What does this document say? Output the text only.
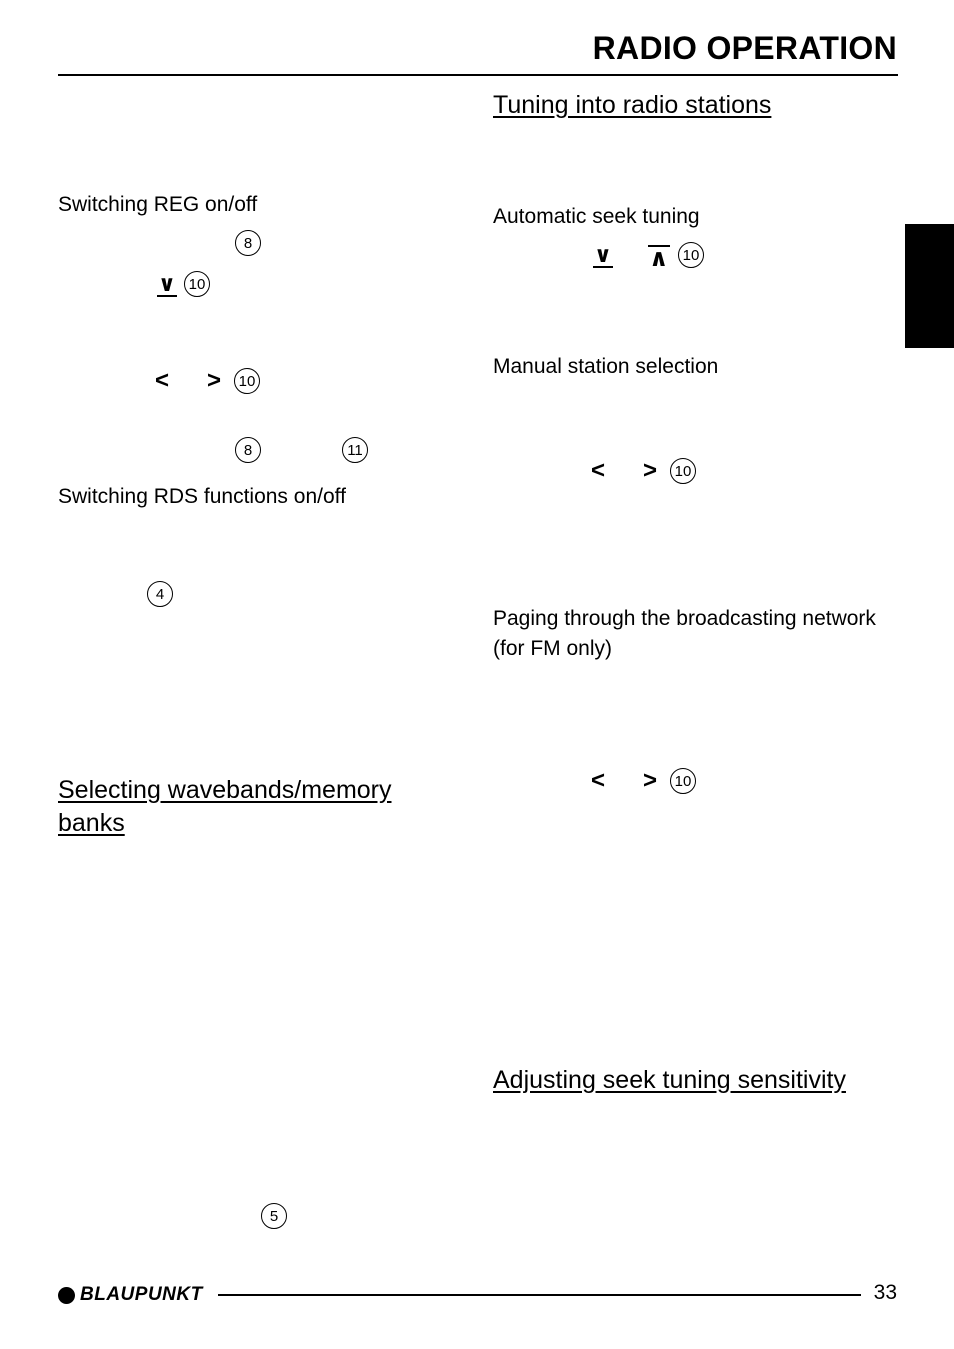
RADIO OPERATION
Switching REG on/off
8
∨ 10
< >	10
8	11
Switching RDS functions on/off
4
Selecting wavebands/memory banks
5
Tuning into radio stations
Automatic seek tuning
∨ ∧ 10
Manual station selection
< >	10
Paging through the broadcasting network (for FM only)
< >	10
Adjusting seek tuning sensitivity
BLAUPUNKT	33
